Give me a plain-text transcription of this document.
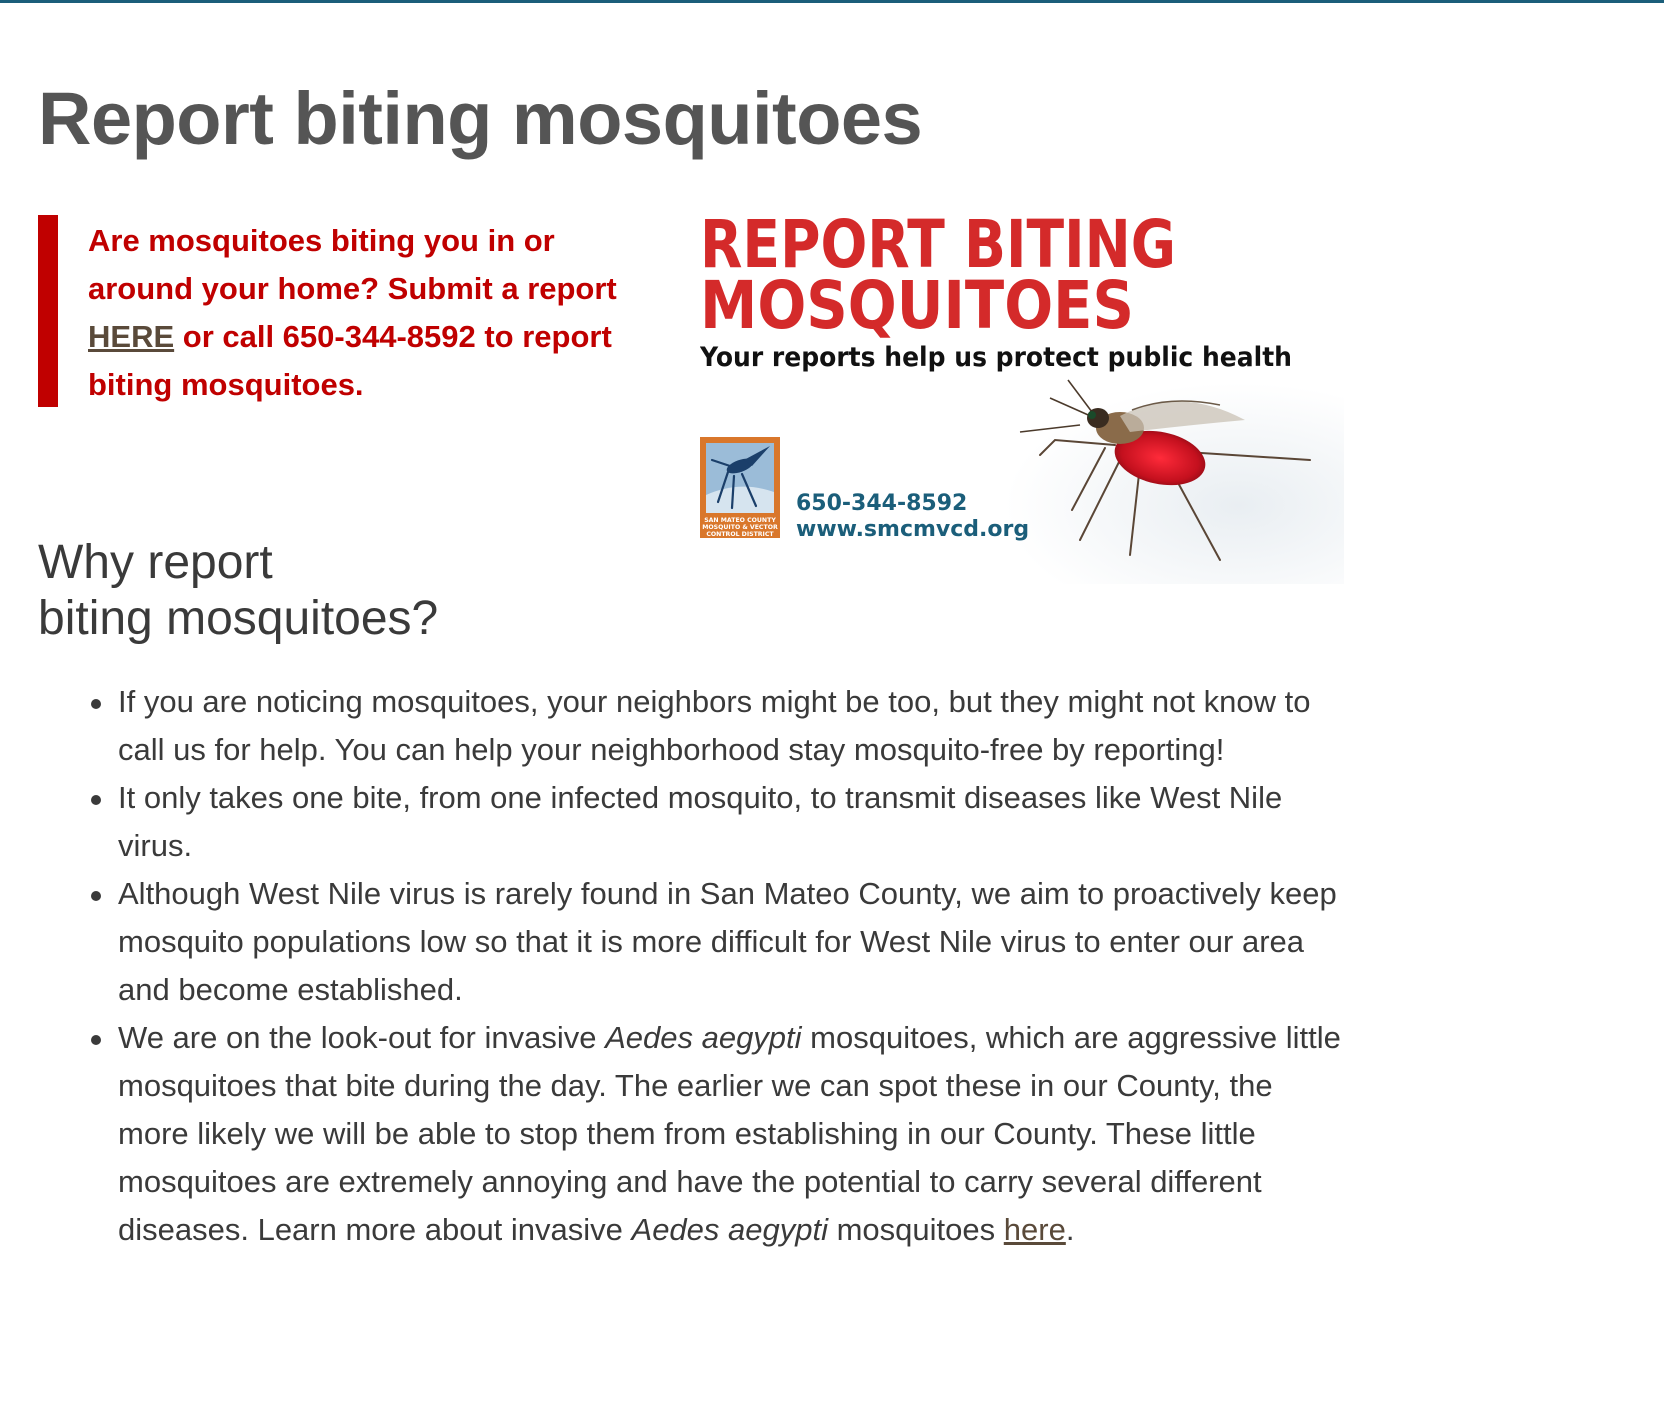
Report biting mosquitoes

Are mosquitoes biting you in or around your home? Submit a report HERE or call 650-344-8592 to report biting mosquitoes.

REPORT BITING
MOSQUITOES
Your reports help us protect public health
SAN MATEO COUNTY
MOSQUITO & VECTOR
CONTROL DISTRICT
650-344-8592
www.smcmvcd.org
Why report
biting mosquitoes?
If you are noticing mosquitoes, your neighbors might be too, but they might not know to call us for help. You can help your neighborhood stay mosquito-free by reporting!
It only takes one bite, from one infected mosquito, to transmit diseases like West Nile virus.
Although West Nile virus is rarely found in San Mateo County, we aim to proactively keep mosquito populations low so that it is more difficult for West Nile virus to enter our area and become established.
We are on the look-out for invasive Aedes aegypti mosquitoes, which are aggressive little mosquitoes that bite during the day. The earlier we can spot these in our County, the more likely we will be able to stop them from establishing in our County. These little mosquitoes are extremely annoying and have the potential to carry several different diseases. Learn more about invasive Aedes aegypti mosquitoes here.
